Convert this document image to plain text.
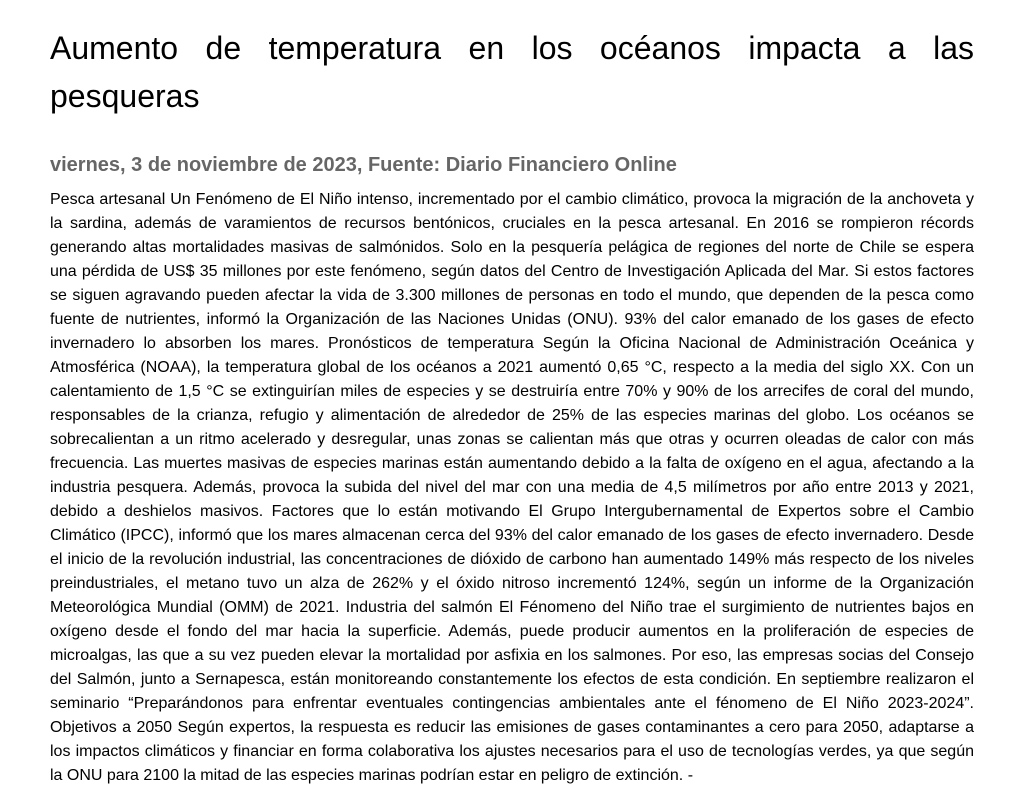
Aumento de temperatura en los océanos impacta a las pesqueras
viernes, 3 de noviembre de 2023, Fuente: Diario Financiero Online

Pesca artesanal Un Fenómeno de El Niño intenso, incrementado por el cambio climático, provoca la migración de la anchoveta y la sardina, además de varamientos de recursos bentónicos, cruciales en la pesca artesanal. En 2016 se rompieron récords generando altas mortalidades masivas de salmónidos. Solo en la pesquería pelágica de regiones del norte de Chile se espera una pérdida de US$ 35 millones por este fenómeno, según datos del Centro de Investigación Aplicada del Mar. Si estos factores se siguen agravando pueden afectar la vida de 3.300 millones de personas en todo el mundo, que dependen de la pesca como fuente de nutrientes, informó la Organización de las Naciones Unidas (ONU). 93% del calor emanado de los gases de efecto invernadero lo absorben los mares. Pronósticos de temperatura Según la Oficina Nacional de Administración Oceánica y Atmosférica (NOAA), la temperatura global de los océanos a 2021 aumentó 0,65 °C, respecto a la media del siglo XX. Con un calentamiento de 1,5 °C se extinguirían miles de especies y se destruiría entre 70% y 90% de los arrecifes de coral del mundo, responsables de la crianza, refugio y alimentación de alrededor de 25% de las especies marinas del globo. Los océanos se sobrecalientan a un ritmo acelerado y desregular, unas zonas se calientan más que otras y ocurren oleadas de calor con más frecuencia. Las muertes masivas de especies marinas están aumentando debido a la falta de oxígeno en el agua, afectando a la industria pesquera. Además, provoca la subida del nivel del mar con una media de 4,5 milímetros por año entre 2013 y 2021, debido a deshielos masivos. Factores que lo están motivando El Grupo Intergubernamental de Expertos sobre el Cambio Climático (IPCC), informó que los mares almacenan cerca del 93% del calor emanado de los gases de efecto invernadero. Desde el inicio de la revolución industrial, las concentraciones de dióxido de carbono han aumentado 149% más respecto de los niveles preindustriales, el metano tuvo un alza de 262% y el óxido nitroso incrementó 124%, según un informe de la Organización Meteorológica Mundial (OMM) de 2021. Industria del salmón El Fénomeno del Niño trae el surgimiento de nutrientes bajos en oxígeno desde el fondo del mar hacia la superficie. Además, puede producir aumentos en la proliferación de especies de microalgas, las que a su vez pueden elevar la mortalidad por asfixia en los salmones. Por eso, las empresas socias del Consejo del Salmón, junto a Sernapesca, están monitoreando constantemente los efectos de esta condición. En septiembre realizaron el seminario “Preparándonos para enfrentar eventuales contingencias ambientales ante el fénomeno de El Niño 2023-2024”. Objetivos a 2050 Según expertos, la respuesta es reducir las emisiones de gases contaminantes a cero para 2050, adaptarse a los impactos climáticos y financiar en forma colaborativa los ajustes necesarios para el uso de tecnologías verdes, ya que según la ONU para 2100 la mitad de las especies marinas podrían estar en peligro de extinción. -
